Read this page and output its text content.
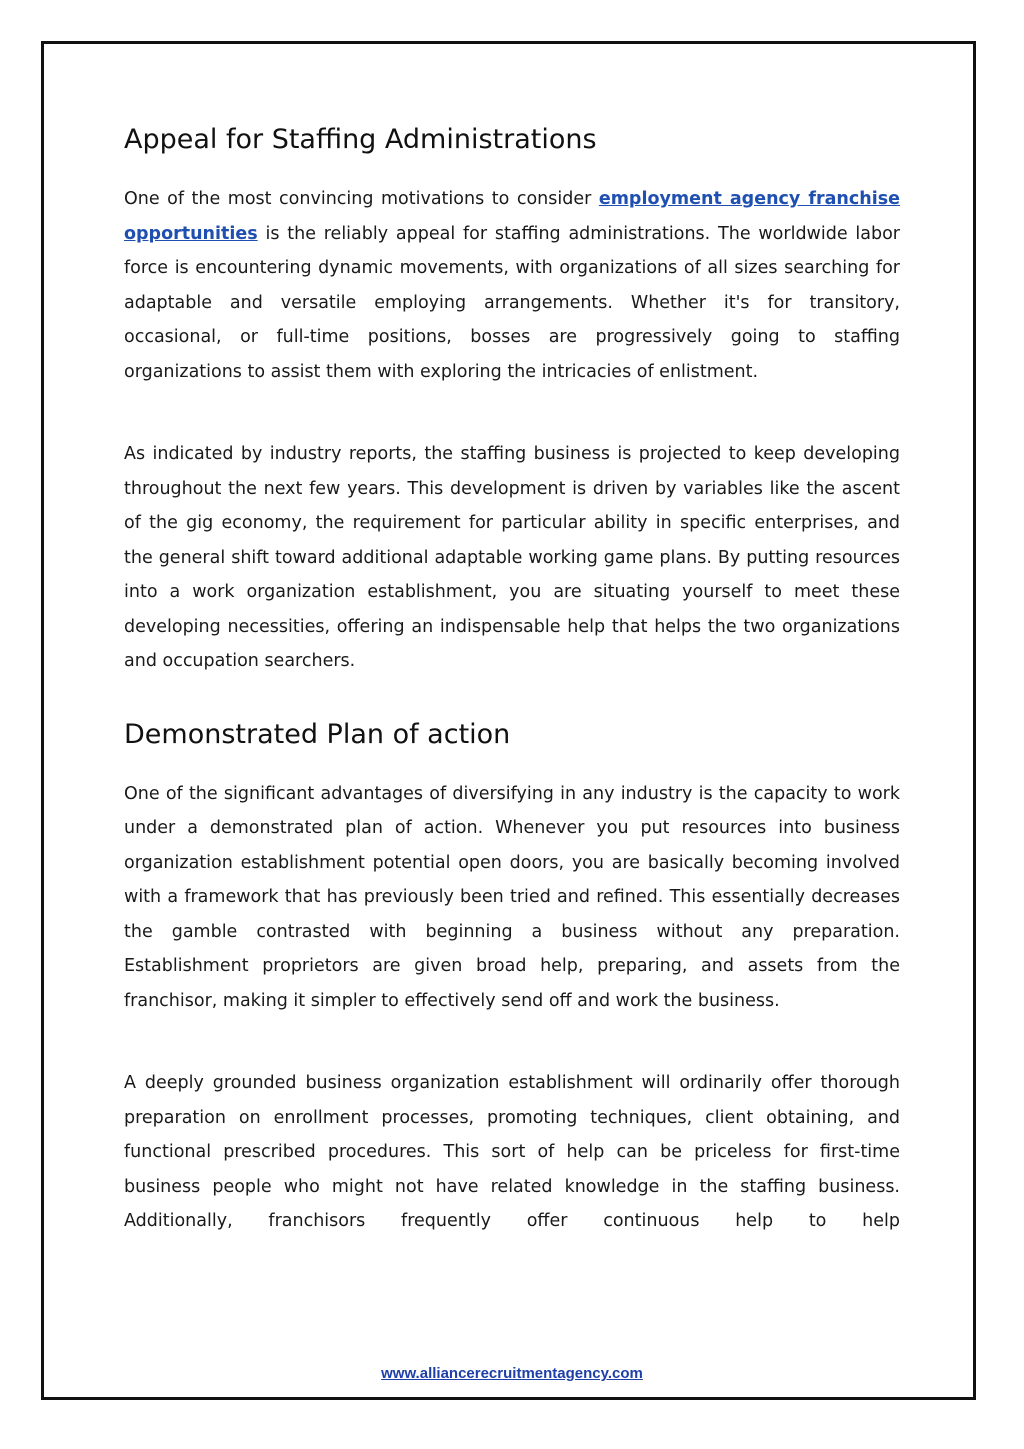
Appeal for Staffing Administrations

One of the most convincing motivations to consider employment agency franchise opportunities is the reliably appeal for staffing administrations. The worldwide labor force is encountering dynamic movements, with organizations of all sizes searching for adaptable and versatile employing arrangements. Whether it's for transitory, occasional, or full-time positions, bosses are progressively going to staffing organizations to assist them with exploring the intricacies of enlistment.

As indicated by industry reports, the staffing business is projected to keep developing throughout the next few years. This development is driven by variables like the ascent of the gig economy, the requirement for particular ability in specific enterprises, and the general shift toward additional adaptable working game plans. By putting resources into a work organization establishment, you are situating yourself to meet these developing necessities, offering an indispensable help that helps the two organizations and occupation searchers.

Demonstrated Plan of action

One of the significant advantages of diversifying in any industry is the capacity to work under a demonstrated plan of action. Whenever you put resources into business organization establishment potential open doors, you are basically becoming involved with a framework that has previously been tried and refined. This essentially decreases the gamble contrasted with beginning a business without any preparation. Establishment proprietors are given broad help, preparing, and assets from the franchisor, making it simpler to effectively send off and work the business.

A deeply grounded business organization establishment will ordinarily offer thorough preparation on enrollment processes, promoting techniques, client obtaining, and functional prescribed procedures. This sort of help can be priceless for first-time business people who might not have related knowledge in the staffing business. Additionally, franchisors frequently offer continuous help to help

www.alliancerecruitmentagency.com
